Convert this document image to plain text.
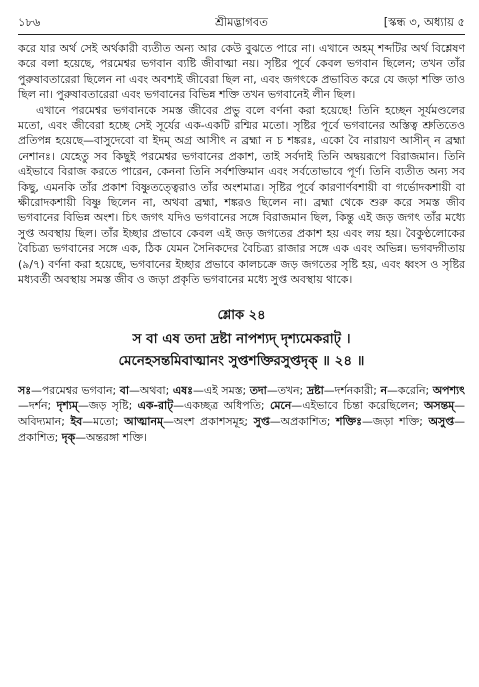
১৮৬	শ্রীমদ্ভাগবত	[স্কন্ধ ৩, অধ্যায় ৫

করে যার অর্থ সেই অর্থকারী ব্যতীত অন্য আর কেউ বুঝতে পারে না। এখানে অহম্ শব্দটির অর্থ বিশ্লেষণ করে বলা হয়েছে, পরমেশ্বর ভগবান ব্যষ্টি জীবাত্মা নয়। সৃষ্টির পূর্বে কেবল ভগবান ছিলেন; তখন তাঁর পুরুষাবতারেরা ছিলেন না এবং অবশ্যই জীবেরা ছিল না, এবং জগৎকে প্রভাবিত করে যে জড়া শক্তি তাও ছিল না। পুরুষাবতারেরা এবং ভগবানের বিভিন্ন শক্তি তখন ভগবানেই লীন ছিল।

এখানে পরমেশ্বর ভগবানকে সমস্ত জীবের প্রভু বলে বর্ণনা করা হয়েছে! তিনি হচ্ছেন সূর্যমণ্ডলের মতো, এবং জীবেরা হচ্ছে সেই সূর্যের এক-একটি রশ্মির মতো। সৃষ্টির পূর্বে ভগবানের অস্তিত্ব শ্রুতিতেও প্রতিপন্ন হয়েছে—বাসুদেবো বা ইদম্ অগ্র আসীৎ ন ব্রহ্মা ন চ শঙ্করঃ, একো বৈ নারায়ণ আসীন্ ন ব্রহ্মা নেশানঃ। যেহেতু সব কিছুই পরমেশ্বর ভগবানের প্রকাশ, তাই সর্বদাই তিনি অদ্বয়রূপে বিরাজমান। তিনি এইভাবে বিরাজ করতে পারেন, কেননা তিনি সর্বশক্তিমান এবং সর্বতোভাবে পূর্ণ। তিনি ব্যতীত অন্য সব কিছু, এমনকি তাঁর প্রকাশ বিষ্ণুতত্ত্বেরাও তাঁর অংশমাত্র। সৃষ্টির পূর্বে কারণার্ণবশায়ী বা গর্ভোদকশায়ী বা ক্ষীরোদকশায়ী বিষ্ণু ছিলেন না, অথবা ব্রহ্মা, শঙ্করও ছিলেন না। ব্রহ্মা থেকে শুরু করে সমস্ত জীব ভগবানের বিভিন্ন অংশ। চিৎ জগৎ যদিও ভগবানের সঙ্গে বিরাজমান ছিল, কিন্তু এই জড় জগৎ তাঁর মধ্যে সুপ্ত অবস্থায় ছিল। তাঁর ইচ্ছার প্রভাবে কেবল এই জড় জগতের প্রকাশ হয় এবং লয় হয়। বৈকুণ্ঠলোকের বৈচিত্র্য ভগবানের সঙ্গে এক, ঠিক যেমন সৈনিকদের বৈচিত্র্য রাজার সঙ্গে এক এবং অভিন্ন। ভগবদ্গীতায় (৯/৭) বর্ণনা করা হয়েছে, ভগবানের ইচ্ছার প্রভাবে কালচক্রে জড় জগতের সৃষ্টি হয়, এবং ধ্বংস ও সৃষ্টির মধ্যবর্তী অবস্থায় সমস্ত জীব ও জড়া প্রকৃতি ভগবানের মধ্যে সুপ্ত অবস্থায় থাকে।

শ্লোক ২৪
স বা এষ তদা দ্রষ্টা নাপশ্যদ্ দৃশ্যমেকরাট্ ।
মেনেহসন্তমিবাত্মানং সুপ্তশক্তিরসুপ্তদৃক্ ॥ ২৪ ॥

সঃ—পরমেশ্বর ভগবান; বা—অথবা; এষঃ—এই সমস্ত; তদা—তখন; দ্রষ্টা—দর্শনকারী; ন—করেনি; অপশ্যৎ—দর্শন; দৃশ্যম্—জড় সৃষ্টি; এক-রাট্—একচ্ছত্র অধিপতি; মেনে—এইভাবে চিন্তা করেছিলেন; অসন্তম্—অবিদ্যমান; ইব—মতো; আত্মানম্—অংশ প্রকাশসমূহ; সুপ্ত—অপ্রকাশিত; শক্তিঃ—জড়া শক্তি; অসুপ্ত—প্রকাশিত; দৃক্—অন্তরঙ্গা শক্তি।
